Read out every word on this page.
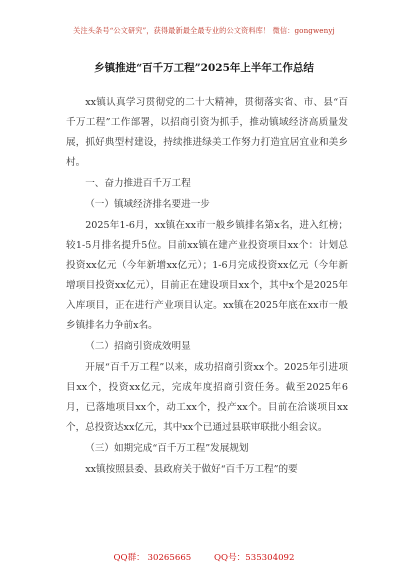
关注头条号“公文研究”，获得最新最全最专业的公文资料库！ 微信：gongwenyj
乡镇推进“百千万工程”2025年上半年工作总结

xx镇认真学习贯彻党的二十大精神，贯彻落实省、市、县“百千万工程”工作部署，以招商引资为抓手，推动镇域经济高质量发展，抓好典型村建设，持续推进绿美工作努力打造宜居宜业和美乡村。

一、奋力推进百千万工程

（一）镇域经济排名要进一步

2025年1-6月，xx镇在xx市一般乡镇排名第x名，进入红榜；较1-5月排名提升5位。目前xx镇在建产业投资项目xx个：计划总投资xx亿元（今年新增xx亿元）；1-6月完成投资xx亿元（今年新增项目投资xx亿元），目前正在建设项目xx个，其中x个是2025年入库项目，正在进行产业项目认定。xx镇在2025年底在xx市一般乡镇排名力争前x名。

（二）招商引资成效明显

开展“百千万工程”以来，成功招商引资xx个。2025年引进项目xx个，投资xx亿元，完成年度招商引资任务。截至2025年6月，已落地项目xx个，动工xx个，投产xx个。目前在洽谈项目xx个，总投资达xx亿元，其中xx个已通过县联审联批小组会议。

（三）如期完成“百千万工程”发展规划

xx镇按照县委、县政府关于做好“百千万工程”的要

QQ群： 30265665	QQ号：535304092
